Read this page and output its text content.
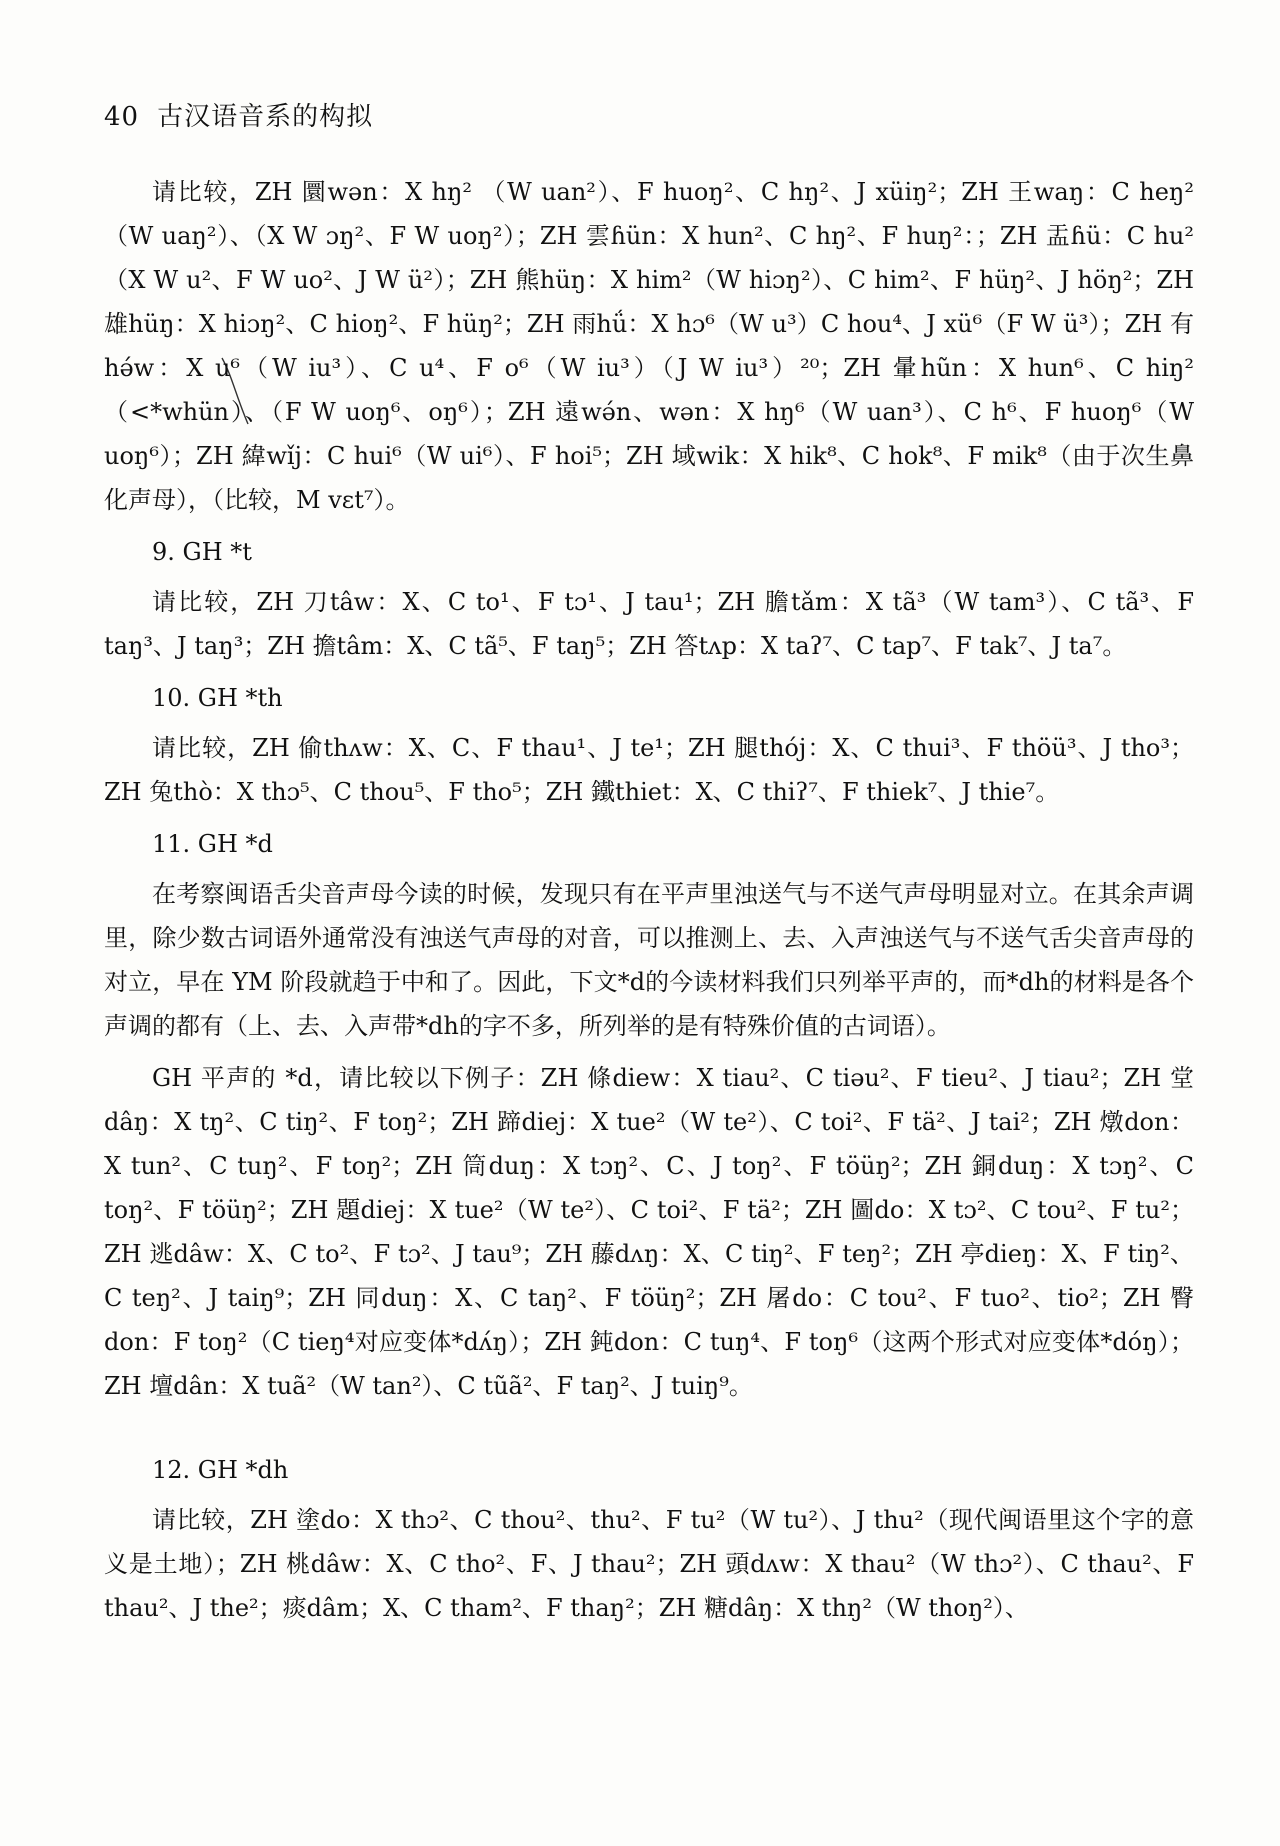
40 古汉语音系的构拟

请比较，ZH 圜wən：X hŋ² （W uan²）、F huoŋ²、C hŋ²、J xüiŋ²；ZH 王waŋ：C heŋ²（W uaŋ²）、（X W ɔŋ²、F W uoŋ²）；ZH 雲ɦün：X hun²、C hŋ²、F huŋ²：；ZH 盂ɦü：C hu²（X W u²、F W uo²、J W ü²）；ZH 熊hüŋ：X him²（W hiɔŋ²）、C him²、F hüŋ²、J höŋ²；ZH 雄hüŋ：X hiɔŋ²、C hioŋ²、F hüŋ²；ZH 雨hǘ：X hɔ⁶（W u³）C hou⁴、J xü⁶（F W ü³）；ZH 有hə́w：X u⁶（W iu³）、C u⁴、F o⁶（W iu³）（J W iu³）²⁰；ZH 暈hũn：X hun⁶、C hiŋ²（<*whün）、（F W uoŋ⁶、oŋ⁶）；ZH 遠wə́n、wən：X hŋ⁶（W uan³）、C h⁶、F huoŋ⁶（W uoŋ⁶）；ZH 緯wǐj：C hui⁶（W ui⁶）、F hoi⁵；ZH 域wik：X hik⁸、C hok⁸、F mik⁸（由于次生鼻化声母），（比较，M vɛt⁷）。

9. GH *t

请比较，ZH 刀tâw：X、C to¹、F tɔ¹、J tau¹；ZH 膽tǎm：X tã³（W tam³）、C tã³、F taŋ³、J taŋ³；ZH 擔tâm：X、C tã⁵、F taŋ⁵；ZH 答tʌp：X taʔ⁷、C tap⁷、F tak⁷、J ta⁷。

10. GH *th

请比较，ZH 偷thʌw：X、C、F thau¹、J te¹；ZH 腿thój：X、C thui³、F thöü³、J tho³；ZH 兔thò：X thɔ⁵、C thou⁵、F tho⁵；ZH 鐵thiet：X、C thiʔ⁷、F thiek⁷、J thie⁷。

11. GH *d

在考察闽语舌尖音声母今读的时候，发现只有在平声里浊送气与不送气声母明显对立。在其余声调里，除少数古词语外通常没有浊送气声母的对音，可以推测上、去、入声浊送气与不送气舌尖音声母的对立，早在 YM 阶段就趋于中和了。因此，下文*d的今读材料我们只列举平声的，而*dh的材料是各个声调的都有（上、去、入声带*dh的字不多，所列举的是有特殊价值的古词语）。

GH 平声的 *d，请比较以下例子：ZH 條diew：X tiau²、C tiəu²、F tieu²、J tiau²；ZH 堂dâŋ：X tŋ²、C tiŋ²、F toŋ²；ZH 蹄diej：X tue²（W te²）、C toi²、F tä²、J tai²；ZH 燉don：X tun²、C tuŋ²、F toŋ²；ZH 筒duŋ：X tɔŋ²、C、J toŋ²、F töüŋ²；ZH 銅duŋ：X tɔŋ²、C toŋ²、F töüŋ²；ZH 題diej：X tue²（W te²）、C toi²、F tä²；ZH 圖do：X tɔ²、C tou²、F tu²；ZH 逃dâw：X、C to²、F tɔ²、J tau⁹；ZH 藤dʌŋ：X、C tiŋ²、F teŋ²；ZH 亭dieŋ：X、F tiŋ²、C teŋ²、J taiŋ⁹；ZH 同duŋ：X、C taŋ²、F töüŋ²；ZH 屠do：C tou²、F tuo²、tio²；ZH 臀don：F toŋ²（C tieŋ⁴对应变体*dʌ́ŋ）；ZH 鈍don：C tuŋ⁴、F toŋ⁶（这两个形式对应变体*dóŋ）；ZH 壇dân：X tuã²（W tan²）、C tũã²、F taŋ²、J tuiŋ⁹。

12. GH *dh

请比较，ZH 塗do：X thɔ²、C thou²、thu²、F tu²（W tu²）、J thu²（现代闽语里这个字的意义是土地）；ZH 桃dâw：X、C tho²、F、J thau²；ZH 頭dʌw：X thau²（W thɔ²）、C thau²、F thau²、J the²；痰dâm；X、C tham²、F thaŋ²；ZH 糖dâŋ：X thŋ²（W thoŋ²）、
